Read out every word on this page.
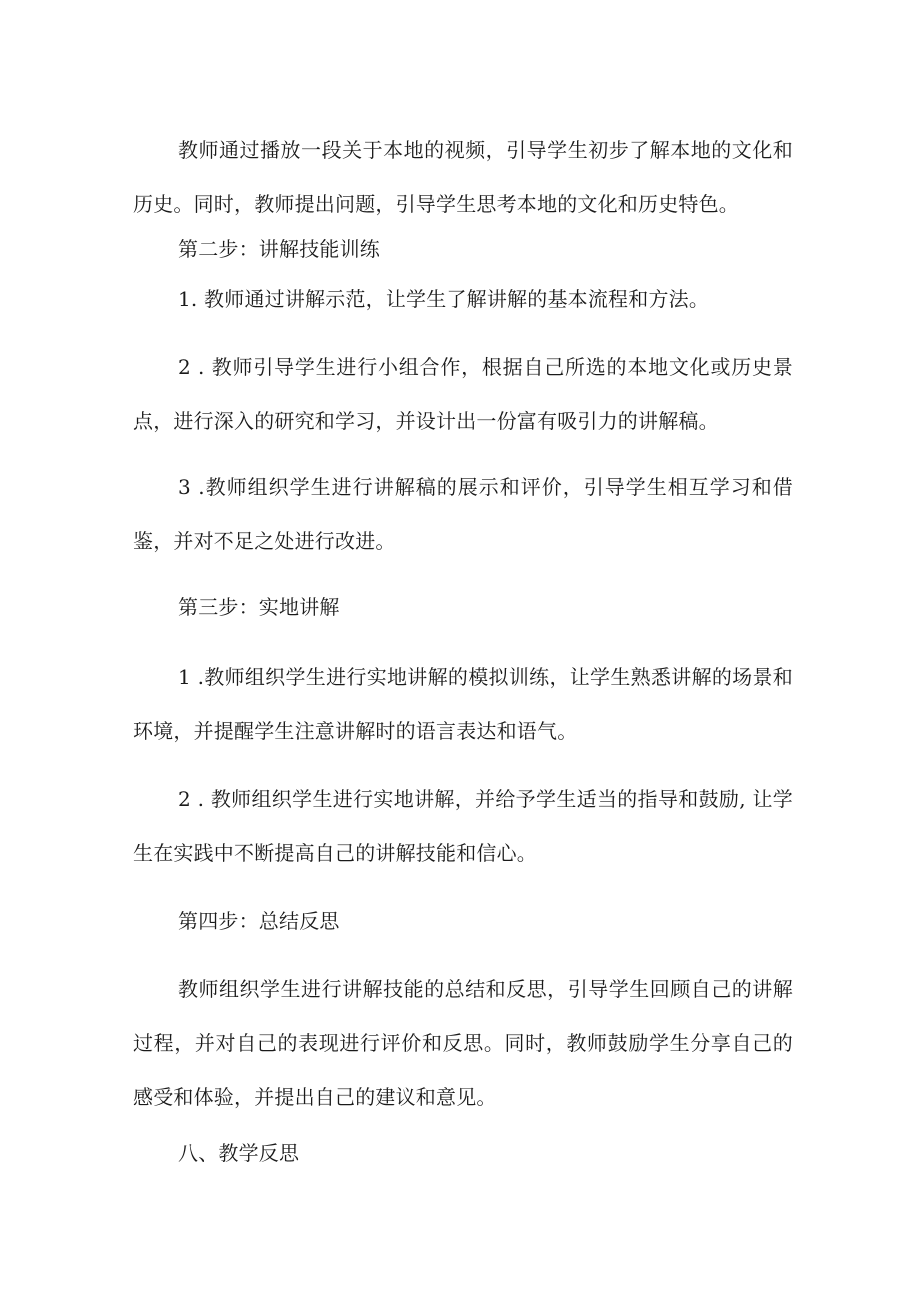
教师通过播放一段关于本地的视频，引导学生初步了解本地的文化和历史。同时，教师提出问题，引导学生思考本地的文化和历史特色。

第二步：讲解技能训练

1. 教师通过讲解示范，让学生了解讲解的基本流程和方法。

2 . 教师引导学生进行小组合作，根据自己所选的本地文化或历史景点，进行深入的研究和学习，并设计出一份富有吸引力的讲解稿。

3 .教师组织学生进行讲解稿的展示和评价，引导学生相互学习和借鉴，并对不足之处进行改进。

第三步：实地讲解

1 .教师组织学生进行实地讲解的模拟训练，让学生熟悉讲解的场景和环境，并提醒学生注意讲解时的语言表达和语气。

2 . 教师组织学生进行实地讲解，并给予学生适当的指导和鼓励, 让学生在实践中不断提高自己的讲解技能和信心。

第四步：总结反思

教师组织学生进行讲解技能的总结和反思，引导学生回顾自己的讲解过程，并对自己的表现进行评价和反思。同时，教师鼓励学生分享自己的感受和体验，并提出自己的建议和意见。

八、教学反思
